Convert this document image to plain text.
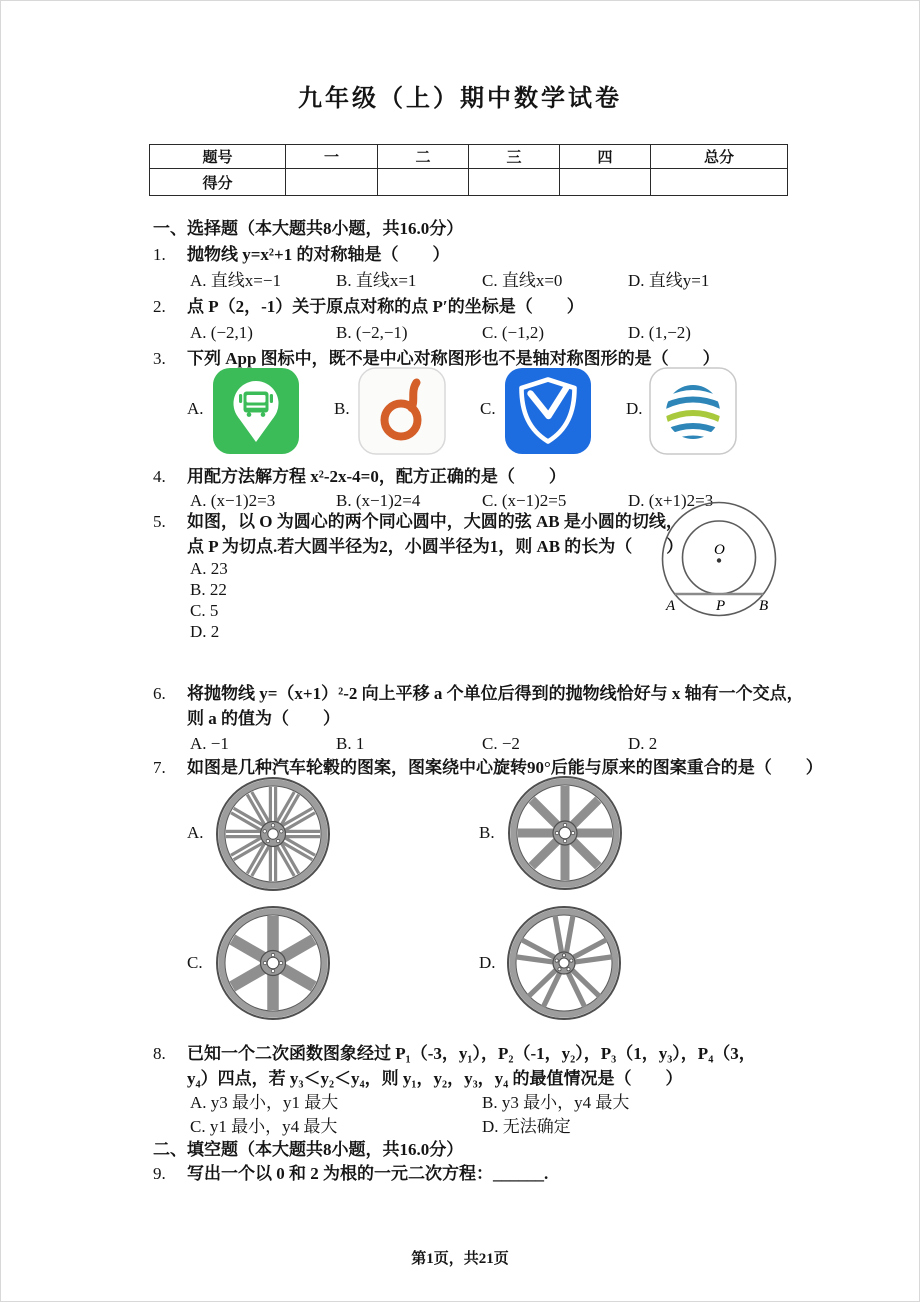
九年级（上）期中数学试卷
题号	一	二	三	四	总分
得分					
一、选择题（本大题共8小题，共16.0分）
1. 抛物线 y=x²+1 的对称轴是（　　）
A. 直线x=−1	B. 直线x=1	C. 直线x=0	D. 直线y=1
2. 点 P（2，-1）关于原点对称的点 P′的坐标是（　　）
A. (−2,1)	B. (−2,−1)	C. (−1,2)	D. (1,−2)
3. 下列 App 图标中，既不是中心对称图形也不是轴对称图形的是（　　）
A.	B.	C.	D.
4. 用配方法解方程 x²-2x-4=0，配方正确的是（　　）
A. (x−1)2=3	B. (x−1)2=4	C. (x−1)2=5	D. (x+1)2=3
5. 如图，以 O 为圆心的两个同心圆中，大圆的弦 AB 是小圆的切线，
点 P 为切点.若大圆半径为2，小圆半径为1，则 AB 的长为（　　）
A. 23
B. 22
C. 5
D. 2
O
A	P B
6. 将抛物线 y=（x+1）²-2 向上平移 a 个单位后得到的抛物线恰好与 x 轴有一个交点，
则 a 的值为（　　）
A. −1	B. 1	C. −2	D. 2
7. 如图是几种汽车轮毂的图案，图案绕中心旋转90°后能与原来的图案重合的是（　　）
A.	B.
C.	D.
8. 已知一个二次函数图象经过 P₁（-3，y₁），P₂（-1，y₂），P₃（1，y₃），P₄（3，
y₄）四点，若 y₃＜y₂＜y₄，则 y₁，y₂，y₃，y₄ 的最值情况是（　　）
A. y3 最小，y1 最大	B. y3 最小，y4 最大
C. y1 最小，y4 最大	D. 无法确定
二、填空题（本大题共8小题，共16.0分）
9. 写出一个以 0 和 2 为根的一元二次方程：______.
第1页，共21页
